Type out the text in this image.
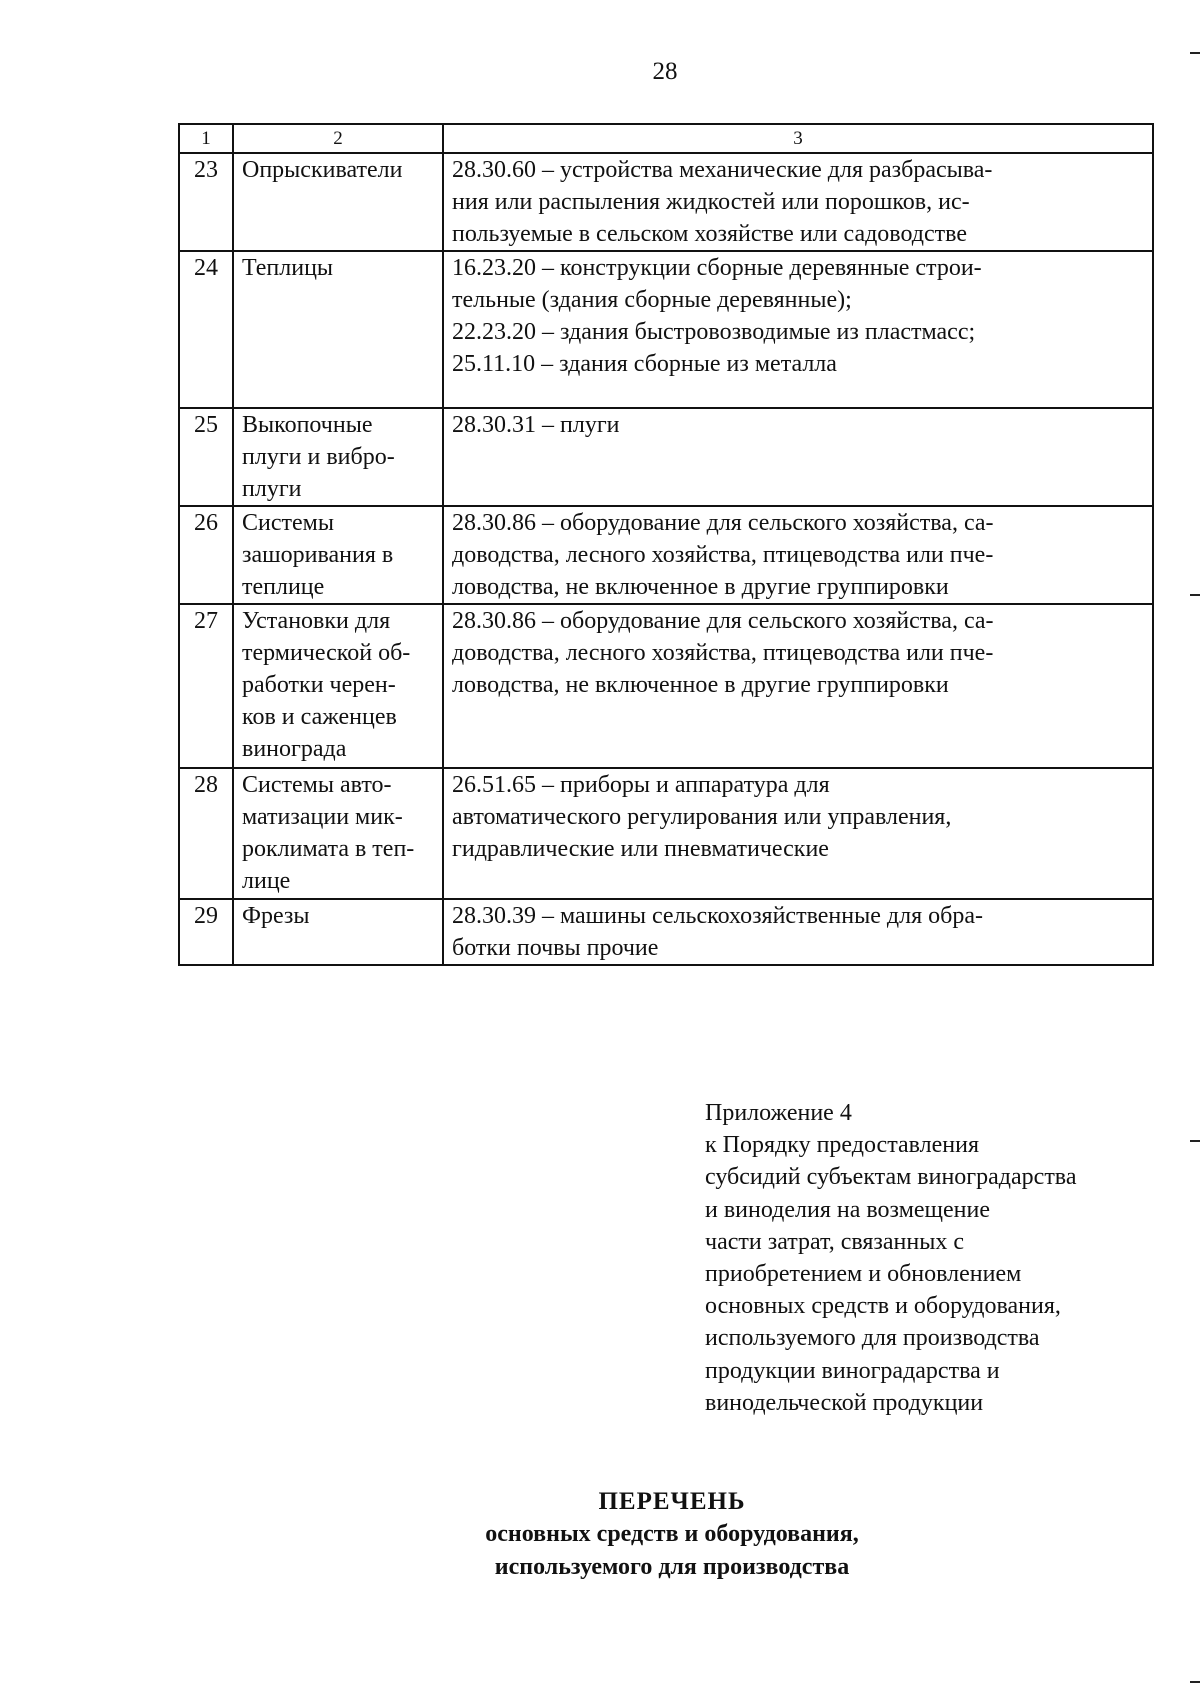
28
1	2	3
23	Опрыскиватели	28.30.60 – устройства механические для разбрасыва-
ния или распыления жидкостей или порошков, ис-
пользуемые в сельском хозяйстве или садоводстве

24	Теплицы	16.23.20 – конструкции сборные деревянные строи-
тельные (здания сборные деревянные);
22.23.20 – здания быстровозводимые из пластмасс;
25.11.10 – здания сборные из металла

25	Выкопочные плуги и вибро- плуги	28.30.31 – плуги

26	Системы зашоривания в теплице	28.30.86 – оборудование для сельского хозяйства, са-
доводства, лесного хозяйства, птицеводства или пче-
ловодства, не включенное в другие группировки

27	Установки для термической об- работки черен- ков и саженцев винограда	28.30.86 – оборудование для сельского хозяйства, са-
доводства, лесного хозяйства, птицеводства или пче-
ловодства, не включенное в другие группировки

28	Системы авто- матизации мик- роклимата в теп- лице	26.51.65 – приборы и аппаратура для
автоматического регулирования или управления,
гидравлические или пневматические

29	Фрезы	28.30.39 – машины сельскохозяйственные для обра-
ботки почвы прочие
Приложение 4
к Порядку предоставления
субсидий субъектам виноградарства
и виноделия на возмещение
части затрат, связанных с
приобретением и обновлением
основных средств и оборудования,
используемого для производства
продукции виноградарства и
винодельческой продукции
ПЕРЕЧЕНЬ
основных средств и оборудования,
используемого для производства
